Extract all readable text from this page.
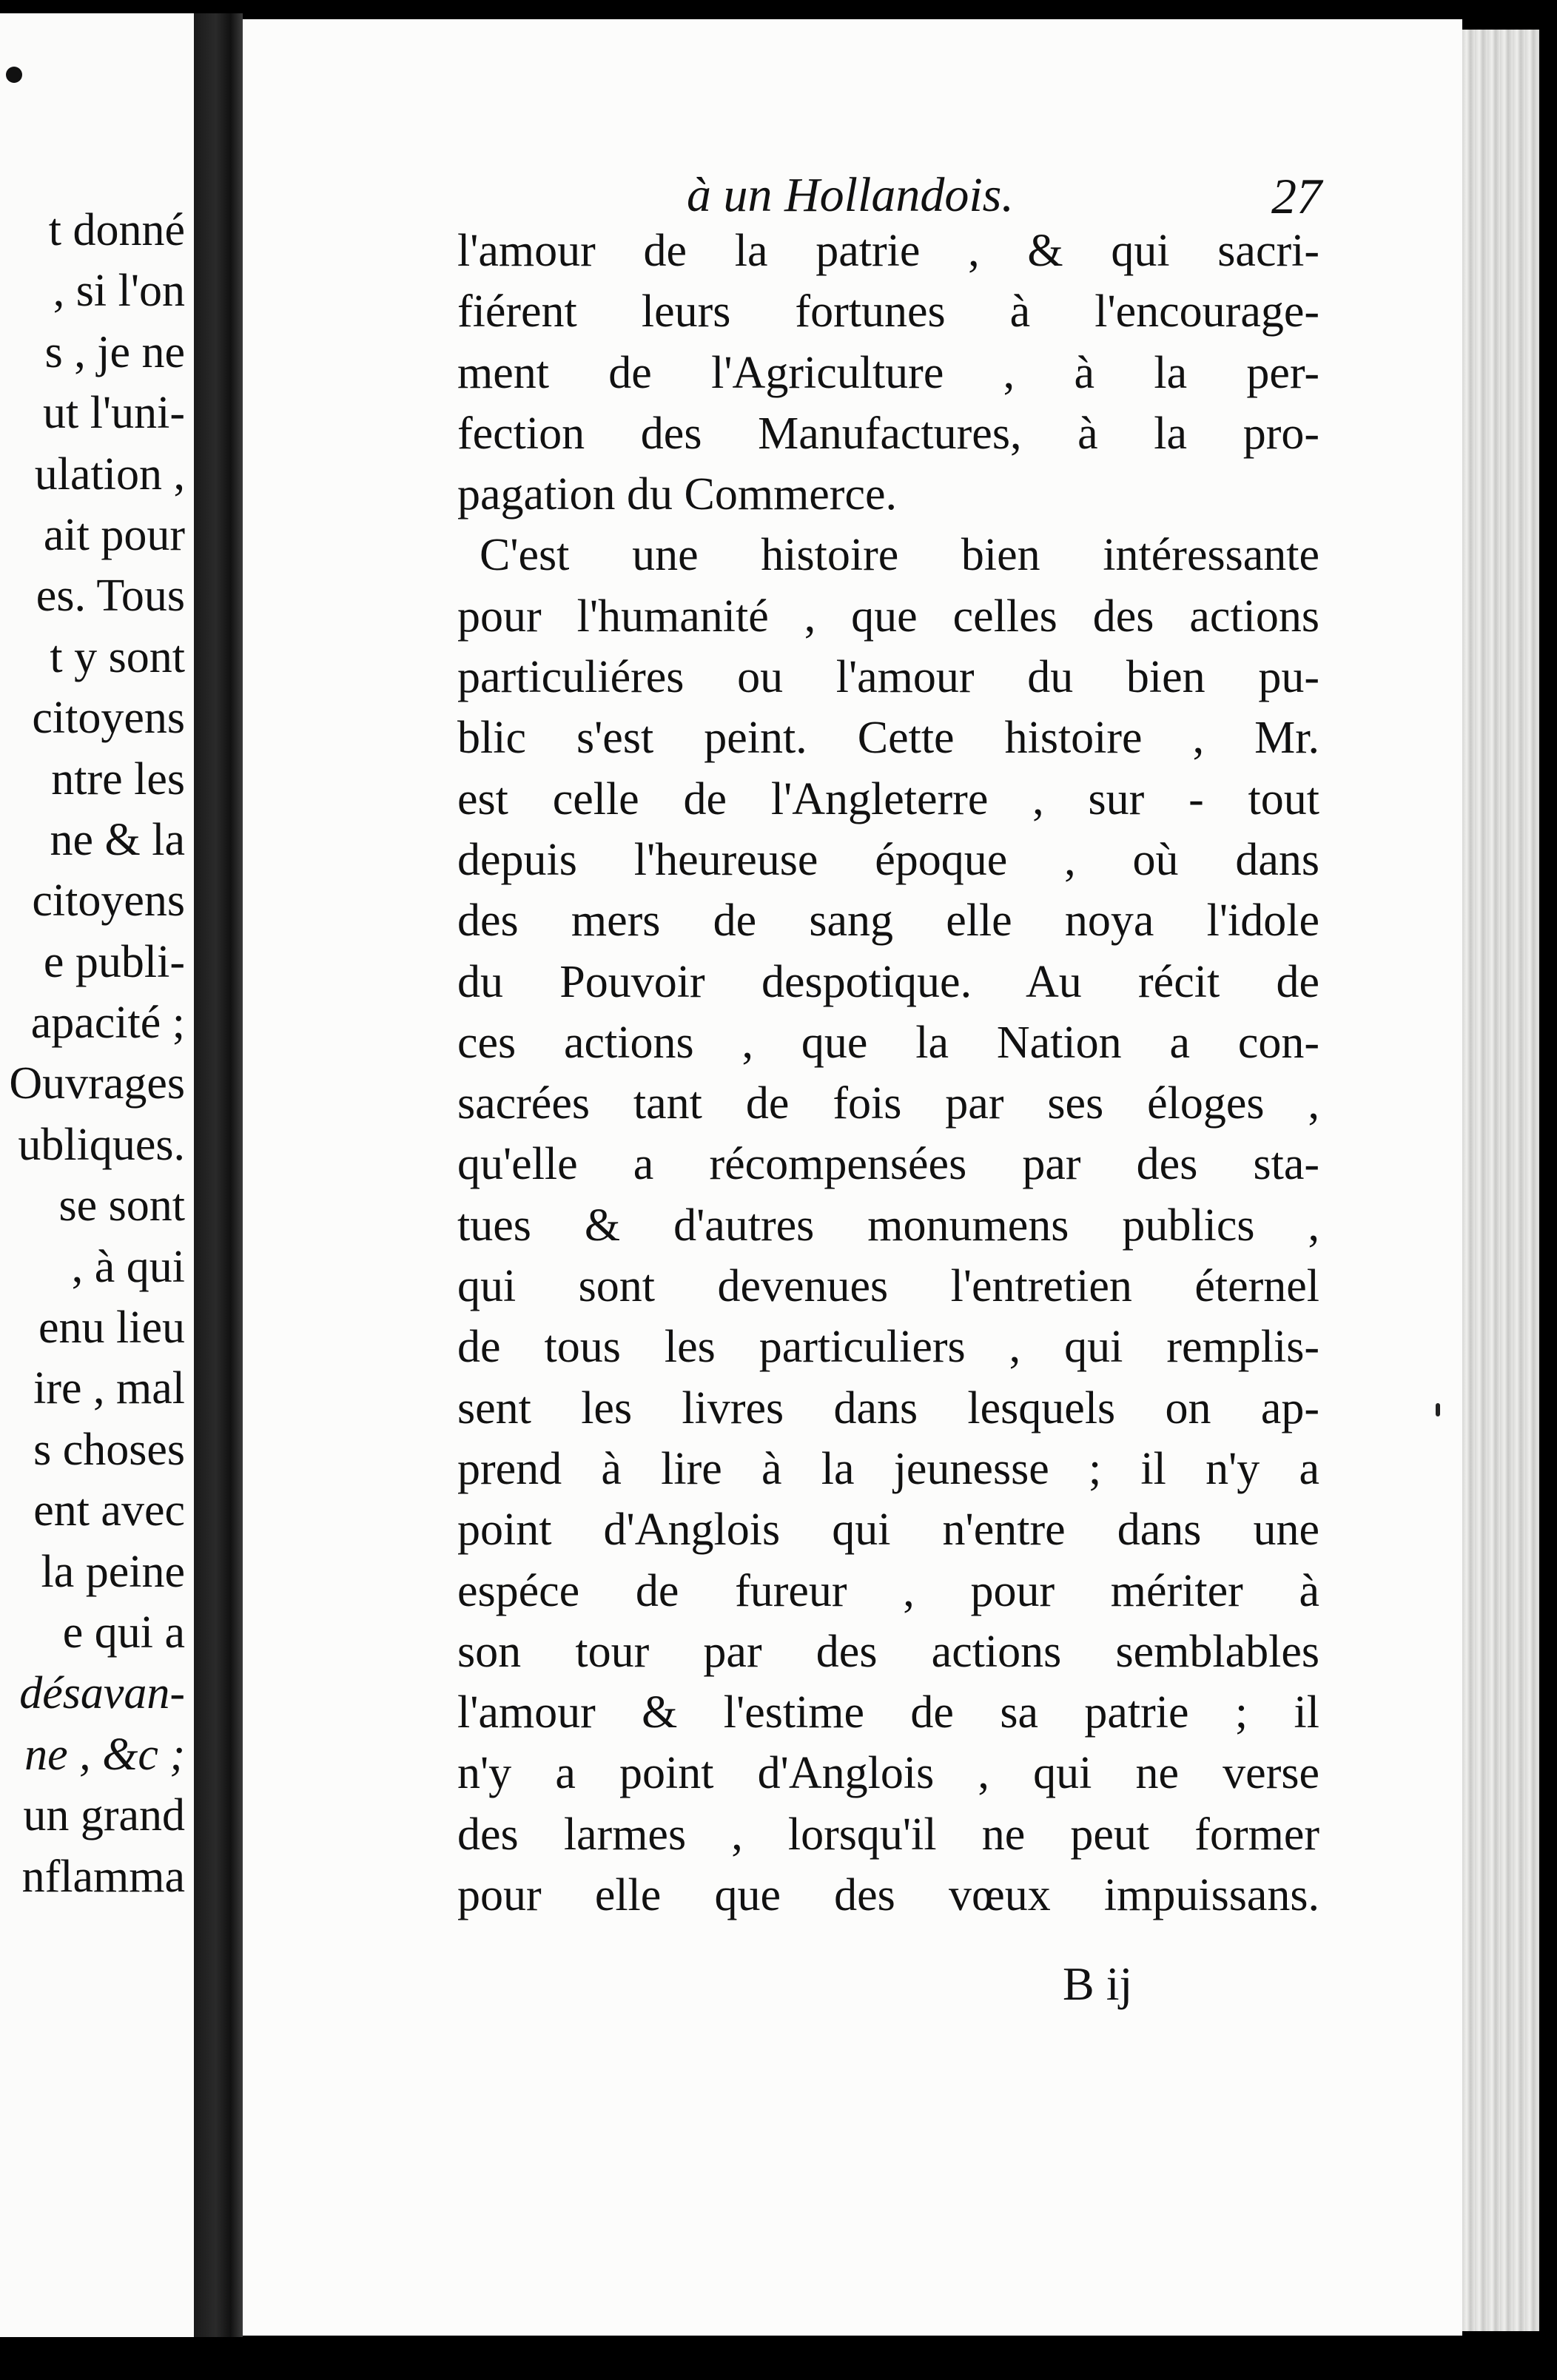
t donné
, si l'on
s , je ne
ut l'uni-
ulation ,
ait pour
es. Tous
t y sont
citoyens
ntre les
ne & la
citoyens
e publi-
apacité ;
Ouvrages
ubliques.
se sont
, à qui
enu lieu
ire , mal
s choses
ent avec
la peine
e qui a
désavan-
ne , &c ;
un grand
nflamma
à un Hollandois.	27
l'amour de la patrie , & qui sacri-
fiérent leurs fortunes à l'encourage-
ment de l'Agriculture , à la per-
fection des Manufactures, à la pro-
pagation du Commerce.
C'est une histoire bien intéressante
pour l'humanité , que celles des actions
particuliéres ou l'amour du bien pu-
blic s'est peint. Cette histoire , Mr.
est celle de l'Angleterre , sur - tout
depuis l'heureuse époque , où dans
des mers de sang elle noya l'idole
du Pouvoir despotique. Au récit de
ces actions , que la Nation a con-
sacrées tant de fois par ses éloges ,
qu'elle a récompensées par des sta-
tues & d'autres monumens publics ,
qui sont devenues l'entretien éternel
de tous les particuliers , qui remplis-
sent les livres dans lesquels on ap-
prend à lire à la jeunesse ; il n'y a
point d'Anglois qui n'entre dans une
espéce de fureur , pour mériter à
son tour par des actions semblables
l'amour & l'estime de sa patrie ; il
n'y a point d'Anglois , qui ne verse
des larmes , lorsqu'il ne peut former
pour elle que des vœux impuissans.
B ij
